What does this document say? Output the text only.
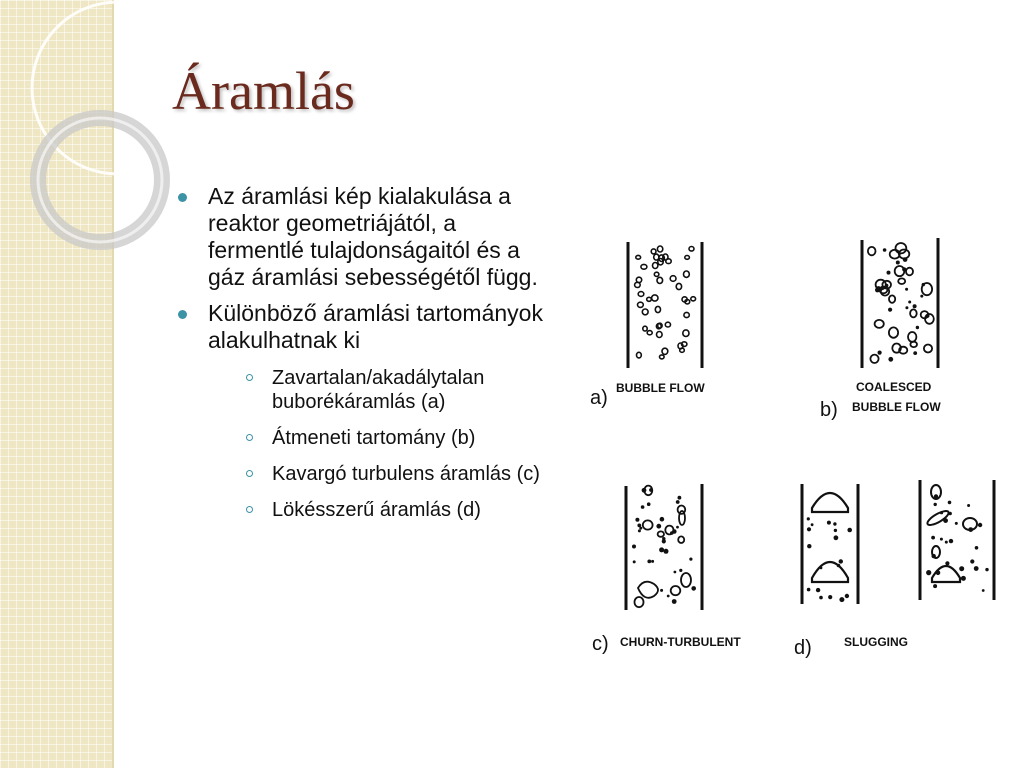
Áramlás
Az áramlási kép kialakulása a reaktor geometriájától, a fermentlé tulajdonságaitól és a gáz áramlási sebességétől függ.
Különböző áramlási tartományok alakulhatnak ki
Zavartalan/akadálytalan buborékáramlás (a)
Átmeneti tartomány (b)
Kavargó turbulens áramlás (c)
Lökésszerű áramlás (d)
a) BUBBLE FLOW
b)
COALESCED
BUBBLE FLOW
c) CHURN-TURBULENT	d)	SLUGGING
